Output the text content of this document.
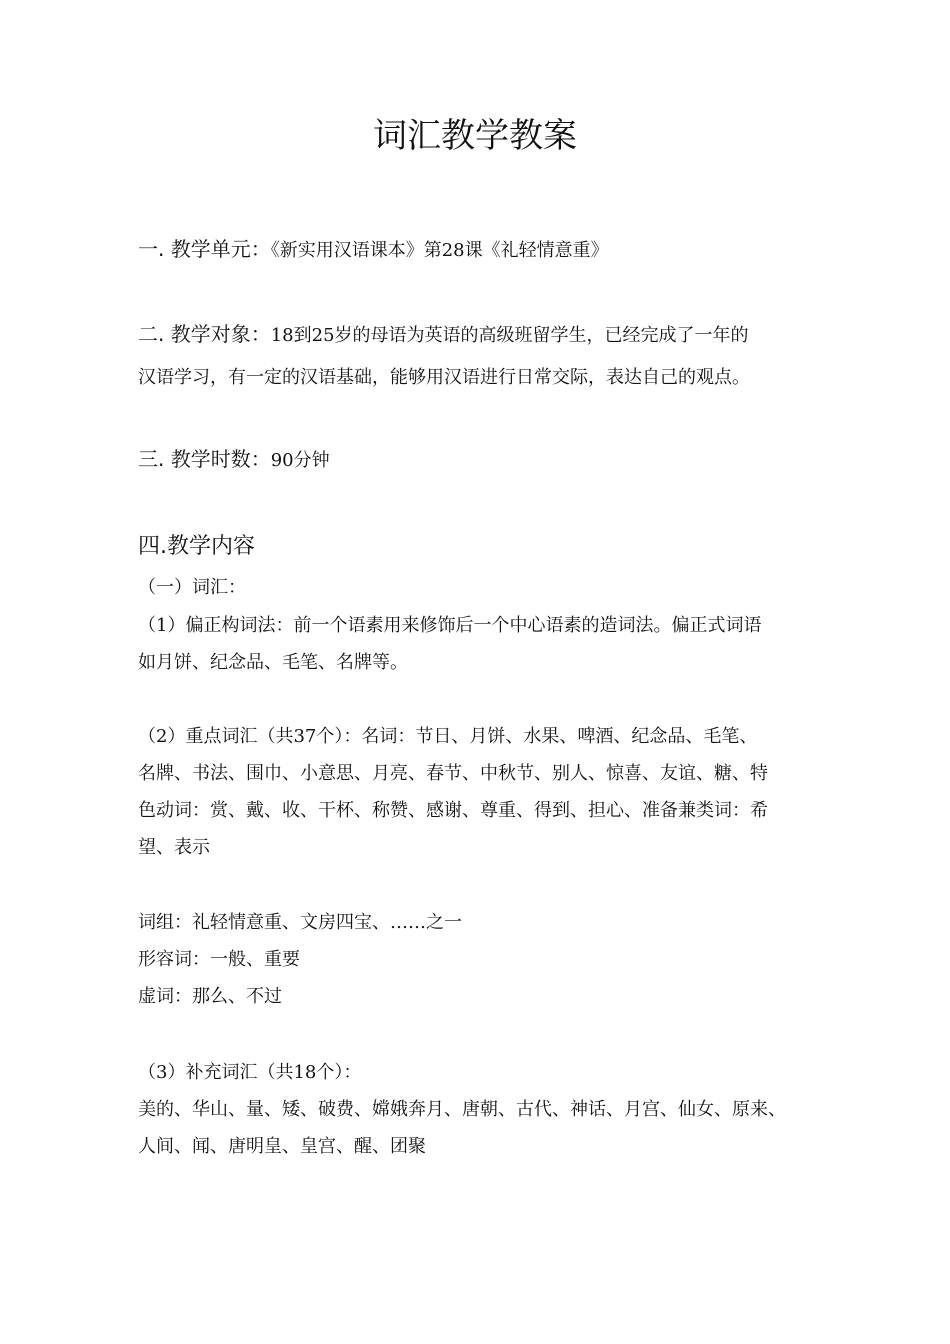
词汇教学教案
一. 教学单元：《新实用汉语课本》第28课《礼轻情意重》
二. 教学对象：18到25岁的母语为英语的高级班留学生，已经完成了一年的
汉语学习，有一定的汉语基础，能够用汉语进行日常交际，表达自己的观点。
三. 教学时数：90分钟
四.教学内容
（一）词汇：
（1）偏正构词法：前一个语素用来修饰后一个中心语素的造词法。偏正式词语
如月饼、纪念品、毛笔、名牌等。
（2）重点词汇（共37个）：名词：节日、月饼、水果、啤酒、纪念品、毛笔、
名牌、书法、围巾、小意思、月亮、春节、中秋节、别人、惊喜、友谊、糖、特
色动词：赏、戴、收、干杯、称赞、感谢、尊重、得到、担心、准备兼类词：希
望、表示
词组：礼轻情意重、文房四宝、……之一
形容词：一般、重要
虚词：那么、不过
（3）补充词汇（共18个）：
美的、华山、量、矮、破费、嫦娥奔月、唐朝、古代、神话、月宫、仙女、原来、
人间、闻、唐明皇、皇宫、醒、团聚
